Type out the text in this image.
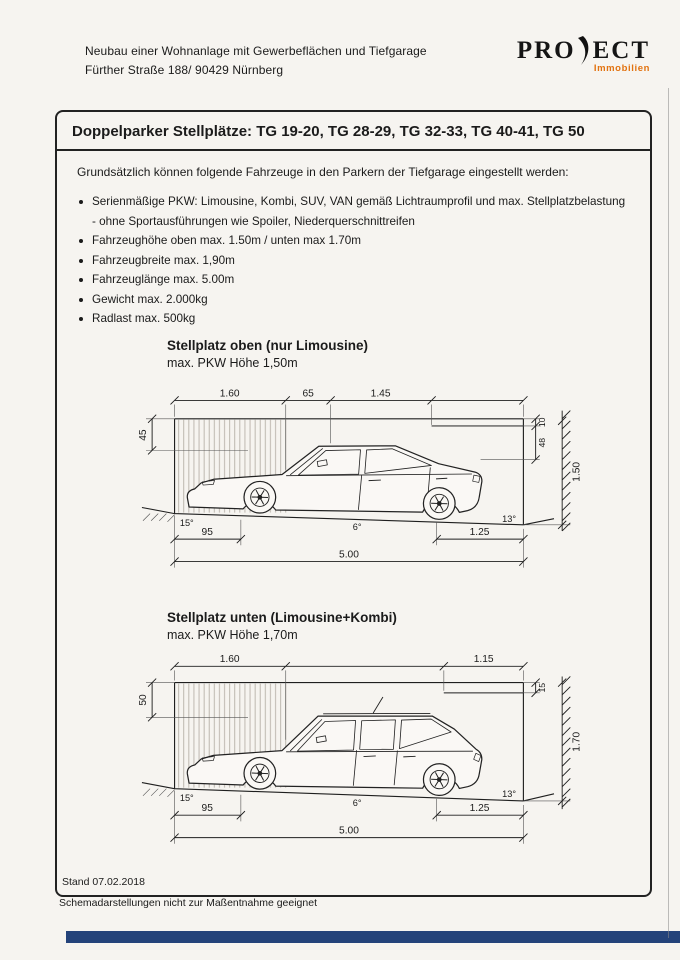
Neubau einer Wohnanlage mit Gewerbeflächen und Tiefgarage
Fürther Straße 188/ 90429 Nürnberg
PRO ECT
Immobilien
Doppelparker Stellplätze: TG 19-20, TG 28-29, TG 32-33, TG 40-41, TG 50
Grundsätzlich können folgende Fahrzeuge in den Parkern der Tiefgarage eingestellt werden:
Serienmäßige PKW: Limousine, Kombi, SUV, VAN gemäß Lichtraumprofil und max. Stellplatzbelastung
- ohne Sportausführungen wie Spoiler, Niederquerschnittreifen
Fahrzeughöhe oben max. 1.50m / unten max 1.70m
Fahrzeugbreite max. 1,90m
Fahrzeuglänge max. 5.00m
Gewicht max. 2.000kg
Radlast max. 500kg
Stellplatz oben (nur Limousine)
max. PKW Höhe 1,50m
1.60	65	1.45
45
10
48
1.50
15°	6°
13°
95	1.25
5.00
Stellplatz unten (Limousine+Kombi)
max. PKW Höhe 1,70m
1.60	1.15
50
15
1.70
15°
6°
13°
95	1.25
5.00
Stand 07.02.2018
Schemadarstellungen nicht zur Maßentnahme geeignet
